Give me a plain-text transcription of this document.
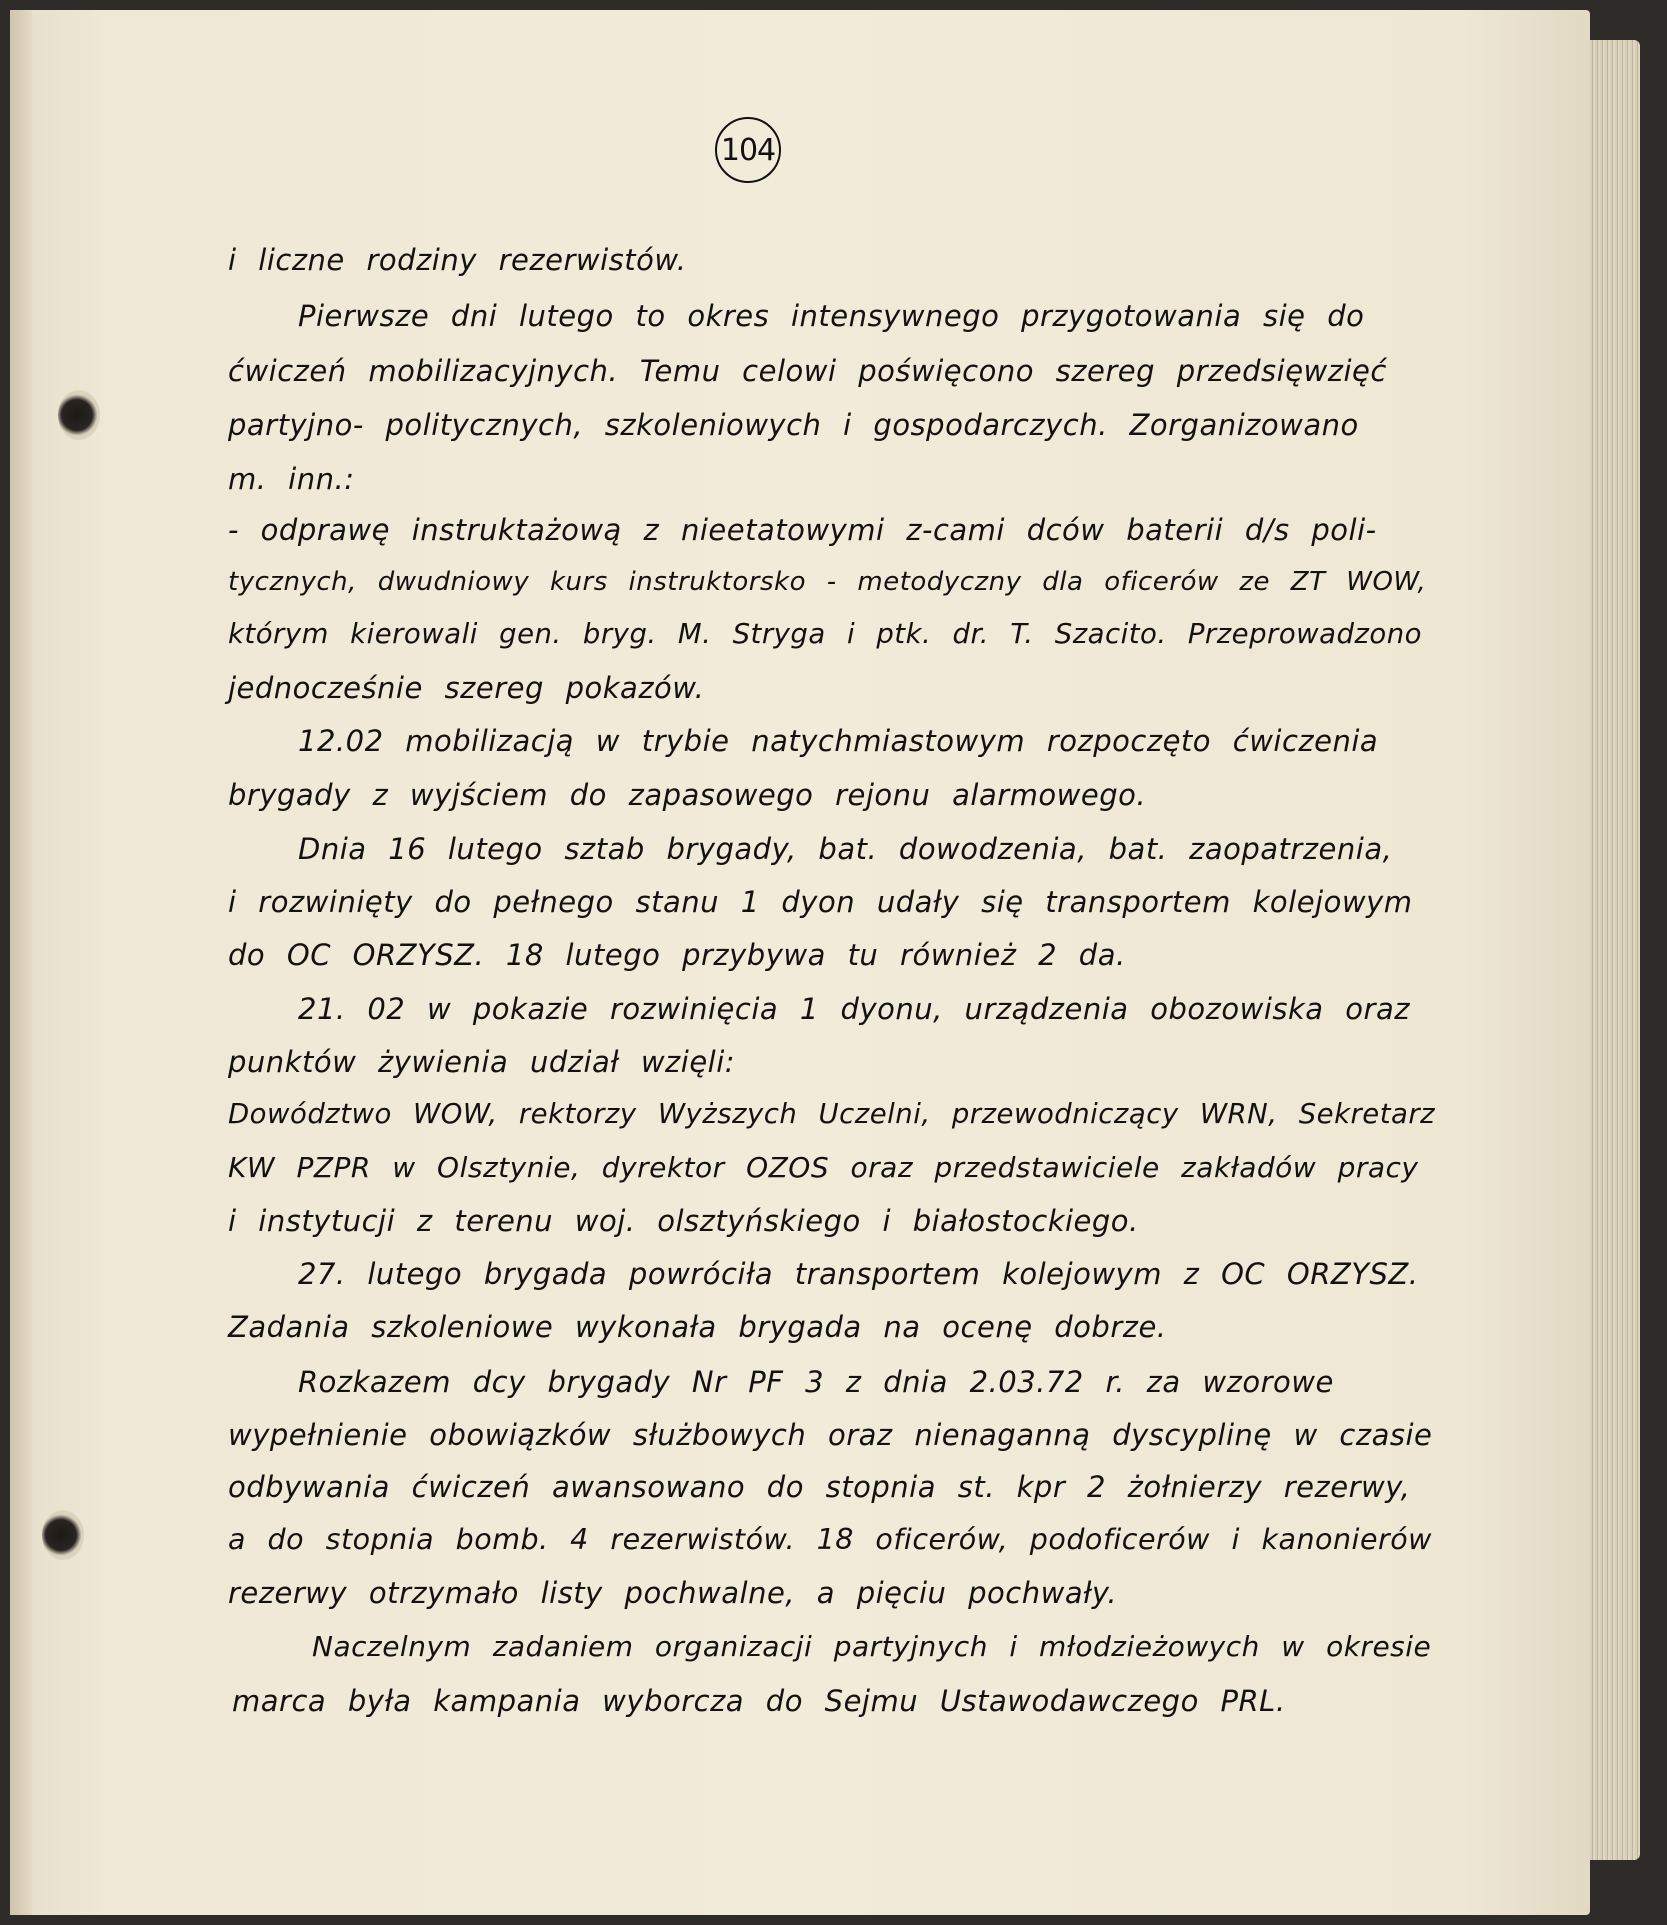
104
i liczne rodziny rezerwistów.
Pierwsze dni lutego to okres intensywnego przygotowania się do
ćwiczeń mobilizacyjnych. Temu celowi poświęcono szereg przedsięwzięć
partyjno- politycznych, szkoleniowych i gospodarczych. Zorganizowano
m. inn.:
- odprawę instruktażową z nieetatowymi z-cami dców baterii d/s poli-
tycznych, dwudniowy kurs instruktorsko - metodyczny dla oficerów ze ZT WOW,
którym kierowali gen. bryg. M. Stryga i ptk. dr. T. Szacito. Przeprowadzono
jednocześnie szereg pokazów.
12.02 mobilizacją w trybie natychmiastowym rozpoczęto ćwiczenia
brygady z wyjściem do zapasowego rejonu alarmowego.
Dnia 16 lutego sztab brygady, bat. dowodzenia, bat. zaopatrzenia,
i rozwinięty do pełnego stanu 1 dyon udały się transportem kolejowym
do OC ORZYSZ. 18 lutego przybywa tu również 2 da.
21. 02 w pokazie rozwinięcia 1 dyonu, urządzenia obozowiska oraz
punktów żywienia udział wzięli:
Dowództwo WOW, rektorzy Wyższych Uczelni, przewodniczący WRN, Sekretarz
KW PZPR w Olsztynie, dyrektor OZOS oraz przedstawiciele zakładów pracy
i instytucji z terenu woj. olsztyńskiego i białostockiego.
27. lutego brygada powróciła transportem kolejowym z OC ORZYSZ.
Zadania szkoleniowe wykonała brygada na ocenę dobrze.
Rozkazem dcy brygady Nr PF 3 z dnia 2.03.72 r. za wzorowe
wypełnienie obowiązków służbowych oraz nienaganną dyscyplinę w czasie
odbywania ćwiczeń awansowano do stopnia st. kpr 2 żołnierzy rezerwy,
a do stopnia bomb. 4 rezerwistów. 18 oficerów, podoficerów i kanonierów
rezerwy otrzymało listy pochwalne, a pięciu pochwały.
Naczelnym zadaniem organizacji partyjnych i młodzieżowych w okresie
marca była kampania wyborcza do Sejmu Ustawodawczego PRL.
